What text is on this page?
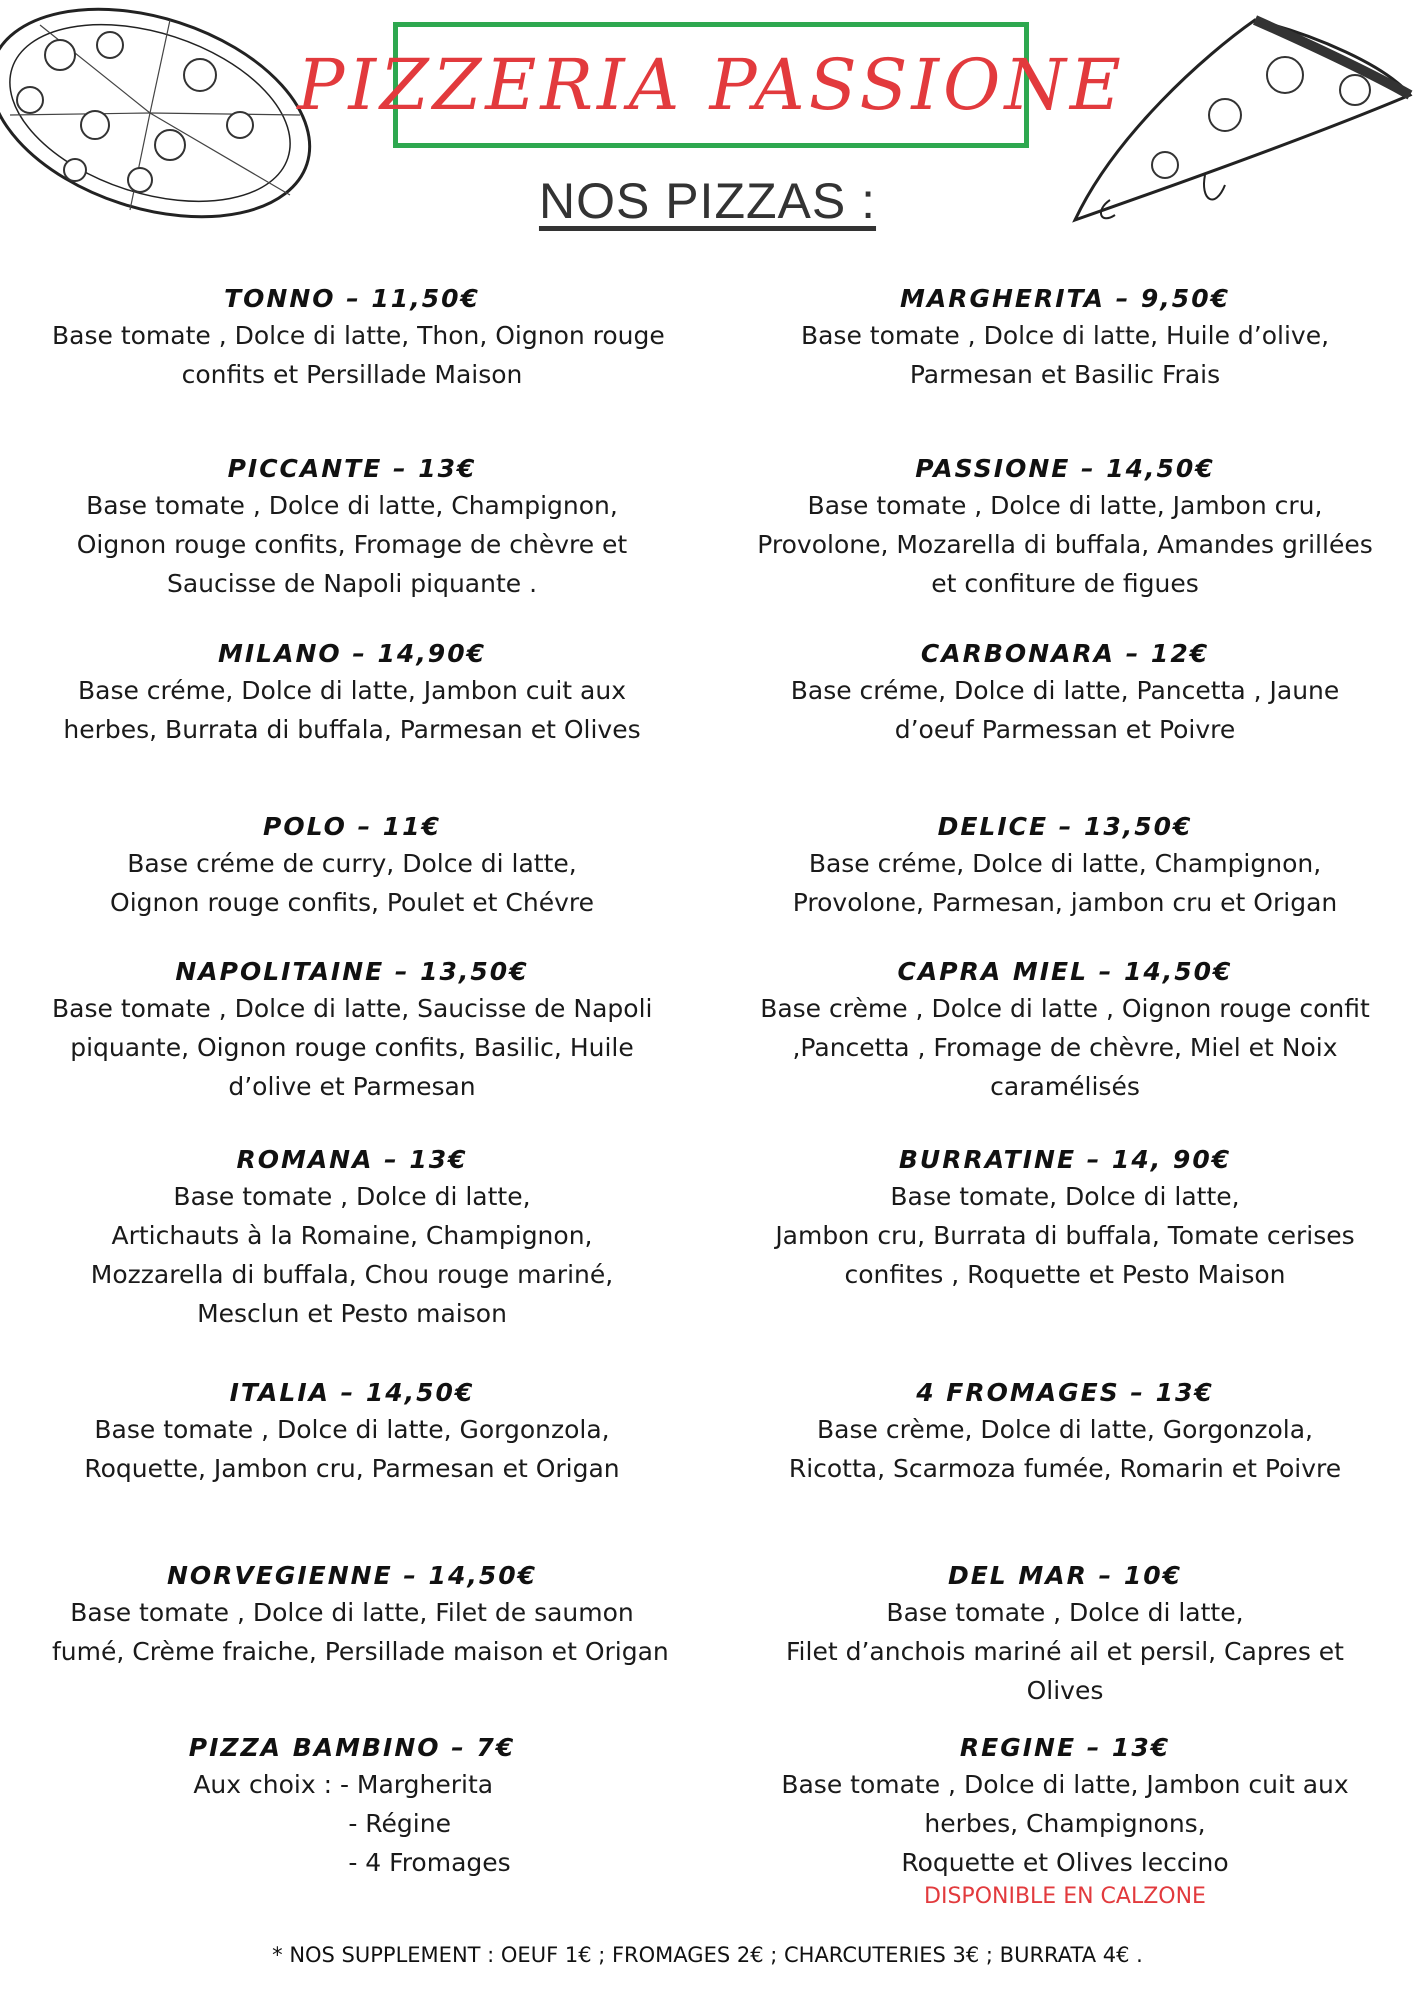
PIZZERIA PASSIONE
NOS PIZZAS :
TONNO – 11,50€
Base tomate , Dolce di latte, Thon, Oignon rouge
confits et Persillade Maison
PICCANTE – 13€
Base tomate , Dolce di latte, Champignon,
Oignon rouge confits, Fromage de chèvre et
Saucisse de Napoli piquante .
MILANO – 14,90€
Base créme, Dolce di latte, Jambon cuit aux
herbes, Burrata di buffala, Parmesan et Olives
POLO – 11€
Base créme de curry, Dolce di latte,
Oignon rouge confits, Poulet et Chévre
NAPOLITAINE – 13,50€
Base tomate , Dolce di latte, Saucisse de Napoli
piquante, Oignon rouge confits, Basilic, Huile
d’olive et Parmesan
ROMANA – 13€
Base tomate , Dolce di latte,
Artichauts à la Romaine, Champignon,
Mozzarella di buffala, Chou rouge mariné,
Mesclun et Pesto maison
ITALIA – 14,50€
Base tomate , Dolce di latte, Gorgonzola,
Roquette, Jambon cru, Parmesan et Origan
NORVEGIENNE – 14,50€
Base tomate , Dolce di latte, Filet de saumon
fumé, Crème fraiche, Persillade maison et Origan
PIZZA BAMBINO – 7€
Aux choix : - Margherita
- Régine
- 4 Fromages
MARGHERITA – 9,50€
Base tomate , Dolce di latte, Huile d’olive,
Parmesan et Basilic Frais
PASSIONE – 14,50€
Base tomate , Dolce di latte, Jambon cru,
Provolone, Mozarella di buffala, Amandes grillées
et confiture de figues
CARBONARA – 12€
Base créme, Dolce di latte, Pancetta , Jaune
d’oeuf Parmessan et Poivre
DELICE – 13,50€
Base créme, Dolce di latte, Champignon,
Provolone, Parmesan, jambon cru et Origan
CAPRA MIEL – 14,50€
Base crème , Dolce di latte , Oignon rouge confit
,Pancetta , Fromage de chèvre, Miel et Noix
caramélisés
BURRATINE – 14, 90€
Base tomate, Dolce di latte,
Jambon cru, Burrata di buffala, Tomate cerises
confites , Roquette et Pesto Maison
4 FROMAGES – 13€
Base crème, Dolce di latte, Gorgonzola,
Ricotta, Scarmoza fumée, Romarin et Poivre
DEL MAR – 10€
Base tomate , Dolce di latte,
Filet d’anchois mariné ail et persil, Capres et
Olives
REGINE – 13€
Base tomate , Dolce di latte, Jambon cuit aux
herbes, Champignons,
Roquette et Olives leccino
DISPONIBLE EN CALZONE
* NOS SUPPLEMENT : OEUF 1€ ; FROMAGES 2€ ; CHARCUTERIES 3€ ; BURRATA 4€ .
